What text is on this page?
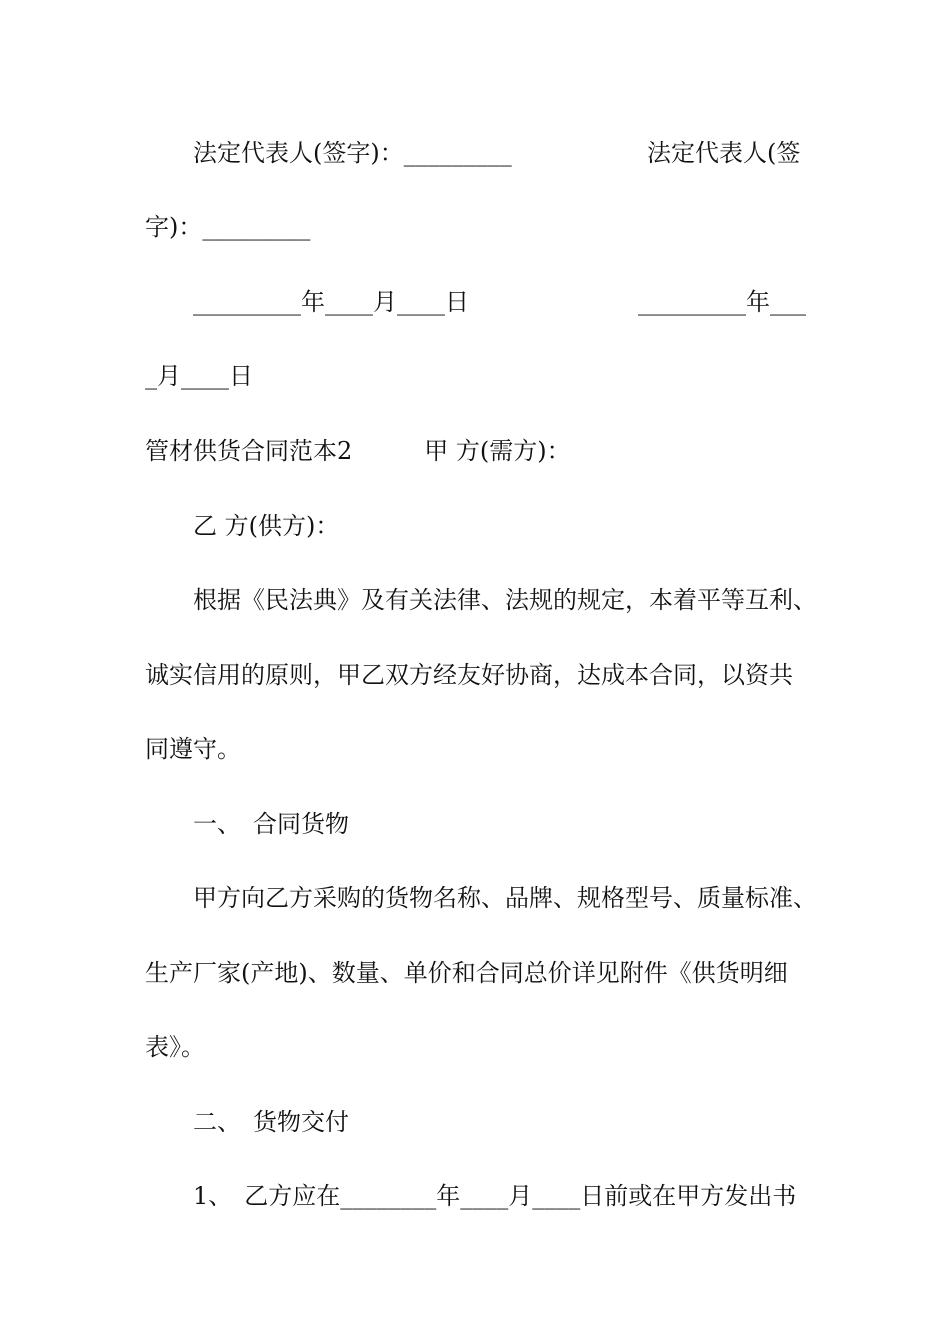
法定代表人(签字)：_________	法定代表人(签
字)：_________
_________年____月____日	_________年___
_月____日
管材供货合同范本2　　　甲 方(需方)：
乙 方(供方)：
根据《民法典》及有关法律、法规的规定，本着平等互利、
诚实信用的原则，甲乙双方经友好协商，达成本合同，以资共
同遵守。
一、　合同货物
甲方向乙方采购的货物名称、品牌、规格型号、质量标准、
生产厂家(产地)、数量、单价和合同总价详见附件《供货明细
表》。
二、　货物交付
1、　乙方应在________年____月____日前或在甲方发出书
